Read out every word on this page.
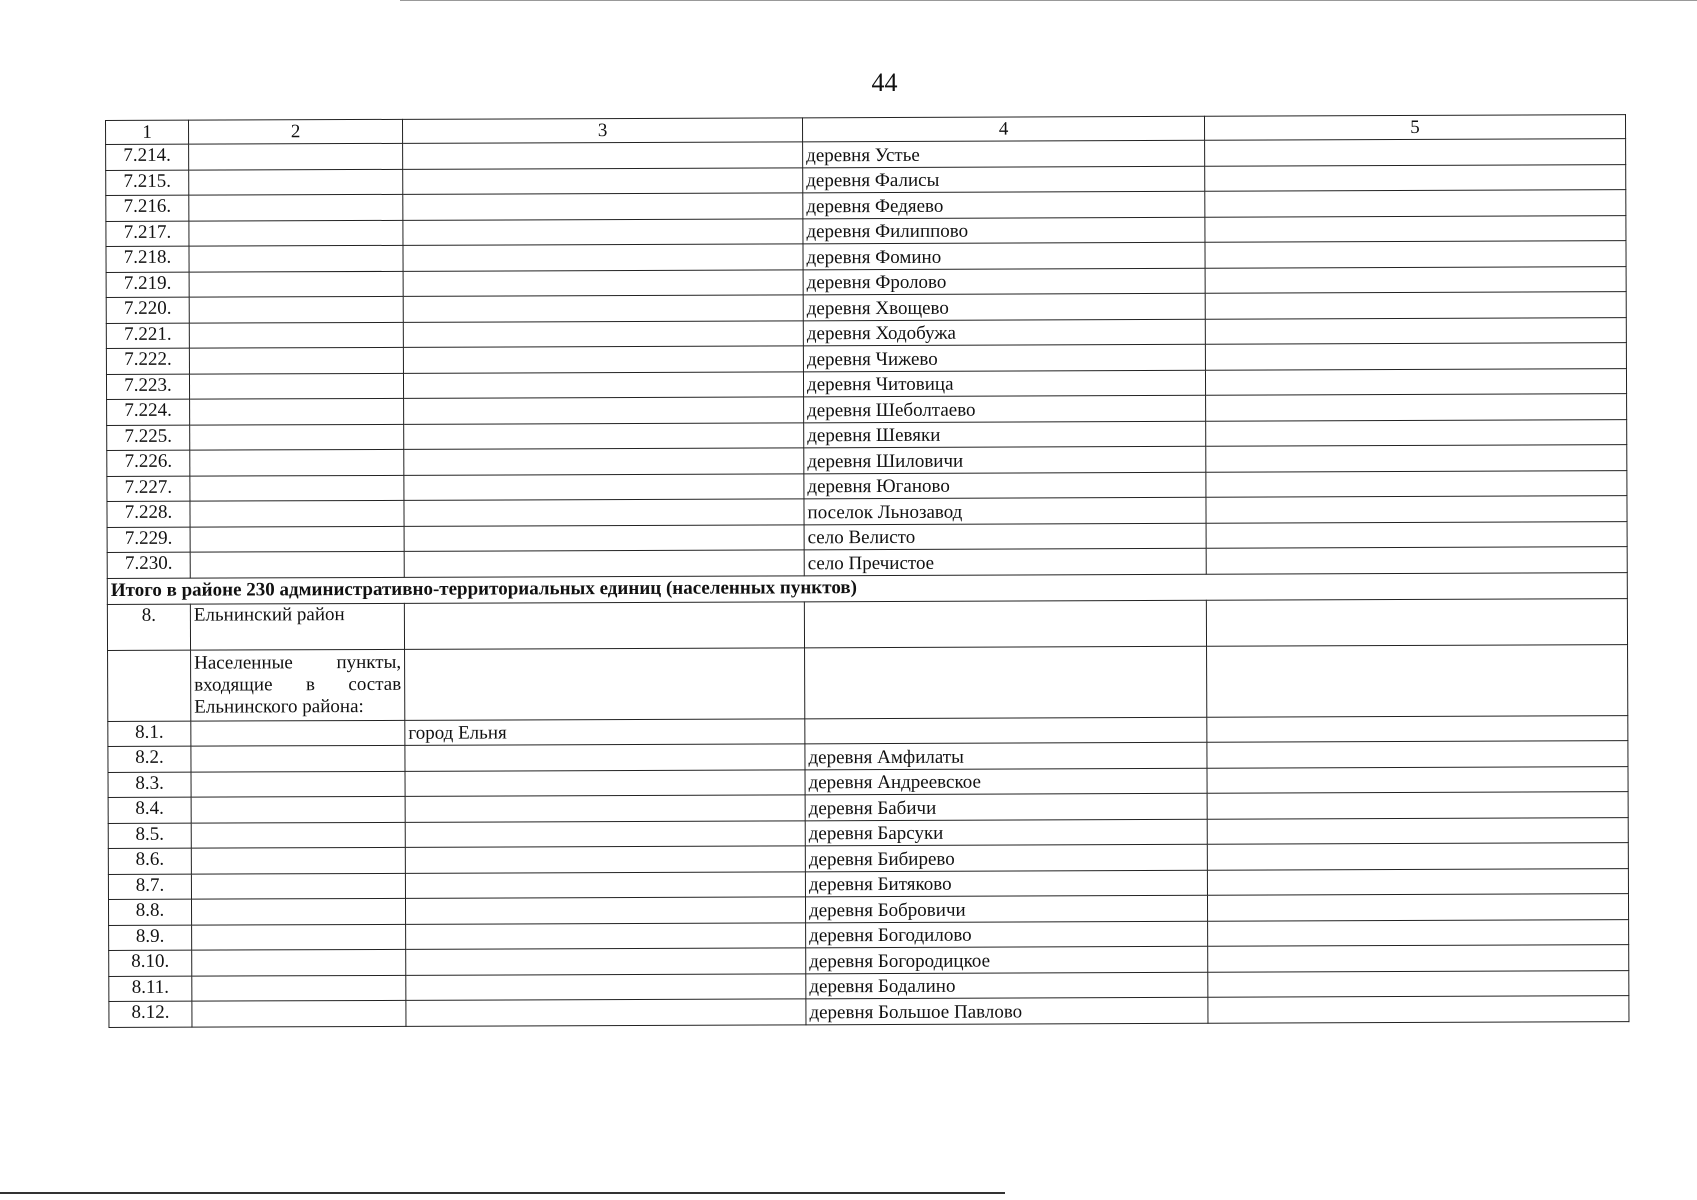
44
1	2	3	4	5
7.214.			деревня Устье	
7.215.			деревня Фалисы	
7.216.			деревня Федяево	
7.217.			деревня Филиппово	
7.218.			деревня Фомино	
7.219.			деревня Фролово	
7.220.			деревня Хвощево	
7.221.			деревня Ходобужа	
7.222.			деревня Чижево	
7.223.			деревня Читовица	
7.224.			деревня Шеболтаево	
7.225.			деревня Шевяки	
7.226.			деревня Шиловичи	
7.227.			деревня Юганово	
7.228.			поселок Льнозавод	
7.229.			село Велисто	
7.230.			село Пречистое	
Итого в районе 230 административно-территориальных единиц (населенных пунктов)				
8.	Ельнинский район			
	Населенные пункты, входящие в состав Ельнинского района:			
8.1.		город Ельня		
8.2.			деревня Амфилаты	
8.3.			деревня Андреевское	
8.4.			деревня Бабичи	
8.5.			деревня Барсуки	
8.6.			деревня Бибирево	
8.7.			деревня Битяково	
8.8.			деревня Бобровичи	
8.9.			деревня Богодилово	
8.10.			деревня Богородицкое	
8.11.			деревня Бодалино	
8.12.			деревня Большое Павлово	
